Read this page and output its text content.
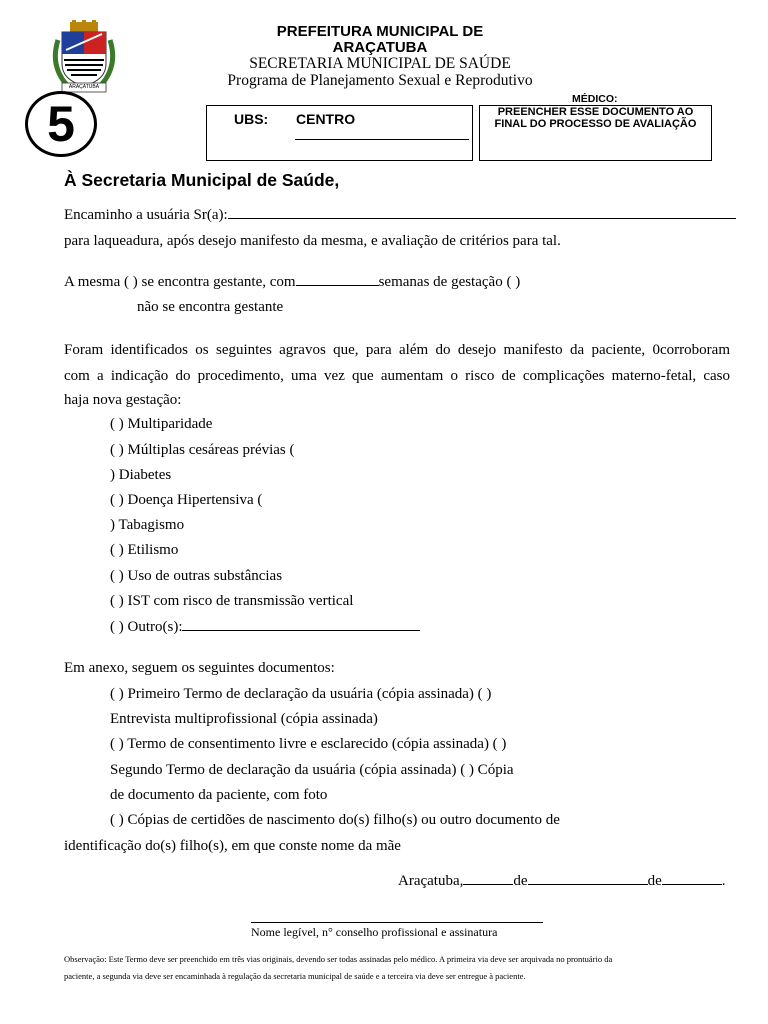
ARAÇATUBA
5
PREFEITURA MUNICIPAL DE
ARAÇATUBA
SECRETARIA MUNICIPAL DE SAÚDE
Programa de Planejamento Sexual e Reprodutivo
UBS: CENTRO
MÉDICO:
PREENCHER ESSE DOCUMENTO AO FINAL DO PROCESSO DE AVALIAÇÃO
À Secretaria Municipal de Saúde,
Encaminho a usuária Sr(a):
para laqueadura, após desejo manifesto da mesma, e avaliação de critérios para tal.
A mesma ( ) se encontra gestante, com	semanas de gestação ( )
não se encontra gestante
Foram identificados os seguintes agravos que, para além do desejo manifesto da paciente, 0corroboram
com a indicação do procedimento, uma vez que aumentam o risco de complicações materno-fetal, caso
haja nova gestação:
( ) Multiparidade
( ) Múltiplas cesáreas prévias (
) Diabetes
( ) Doença Hipertensiva (
) Tabagismo
( ) Etilismo
( ) Uso de outras substâncias
( ) IST com risco de transmissão vertical
( ) Outro(s):
Em anexo, seguem os seguintes documentos:
( ) Primeiro Termo de declaração da usuária (cópia assinada) ( )
Entrevista multiprofissional (cópia assinada)
( ) Termo de consentimento livre e esclarecido (cópia assinada) ( )
Segundo Termo de declaração da usuária (cópia assinada) ( ) Cópia
de documento da paciente, com foto
( ) Cópias de certidões de nascimento do(s) filho(s) ou outro documento de
identificação do(s) filho(s), em que conste nome da mãe
Araçatuba,	de	de	.
Nome legível, n° conselho profissional e assinatura
Observação: Este Termo deve ser preenchido em três vias originais, devendo ser todas assinadas pelo médico. A primeira via deve ser arquivada no prontuário da
paciente, a segunda via deve ser encaminhada à regulação da secretaria municipal de saúde e a terceira via deve ser entregue à paciente.
